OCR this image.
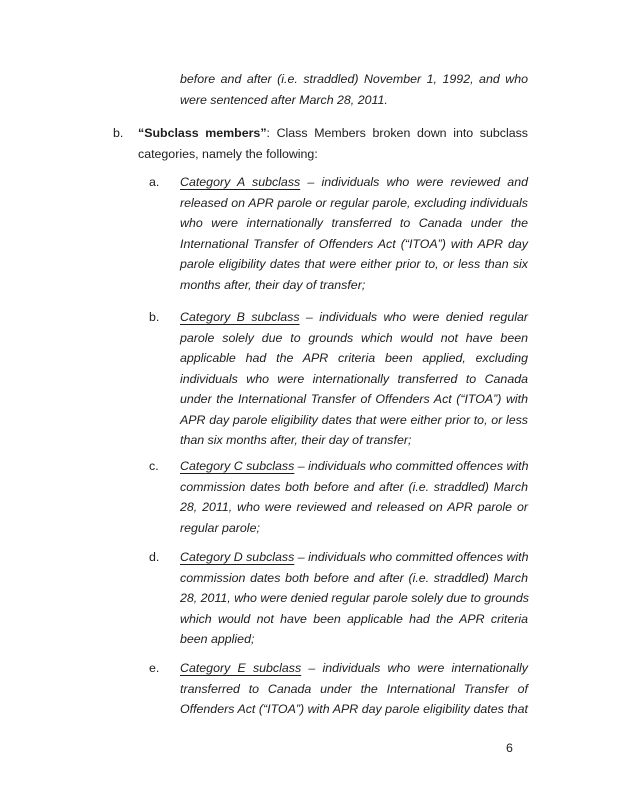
before and after (i.e. straddled) November 1, 1992, and who
were sentenced after March 28, 2011.
b. “Subclass members”: Class Members broken down into subclass
categories, namely the following:
a. Category A subclass – individuals who were reviewed and
released on APR parole or regular parole, excluding individuals
who were internationally transferred to Canada under the
International Transfer of Offenders Act (“ITOA”) with APR day
parole eligibility dates that were either prior to, or less than six
months after, their day of transfer;
b. Category B subclass – individuals who were denied regular
parole solely due to grounds which would not have been
applicable had the APR criteria been applied, excluding
individuals who were internationally transferred to Canada
under the International Transfer of Offenders Act (“ITOA”) with
APR day parole eligibility dates that were either prior to, or less
than six months after, their day of transfer;
c. Category C subclass – individuals who committed offences with
commission dates both before and after (i.e. straddled) March
28, 2011, who were reviewed and released on APR parole or
regular parole;
d. Category D subclass – individuals who committed offences with
commission dates both before and after (i.e. straddled) March
28, 2011, who were denied regular parole solely due to grounds
which would not have been applicable had the APR criteria
been applied;
e. Category E subclass – individuals who were internationally
transferred to Canada under the International Transfer of
Offenders Act (“ITOA”) with APR day parole eligibility dates that
6
